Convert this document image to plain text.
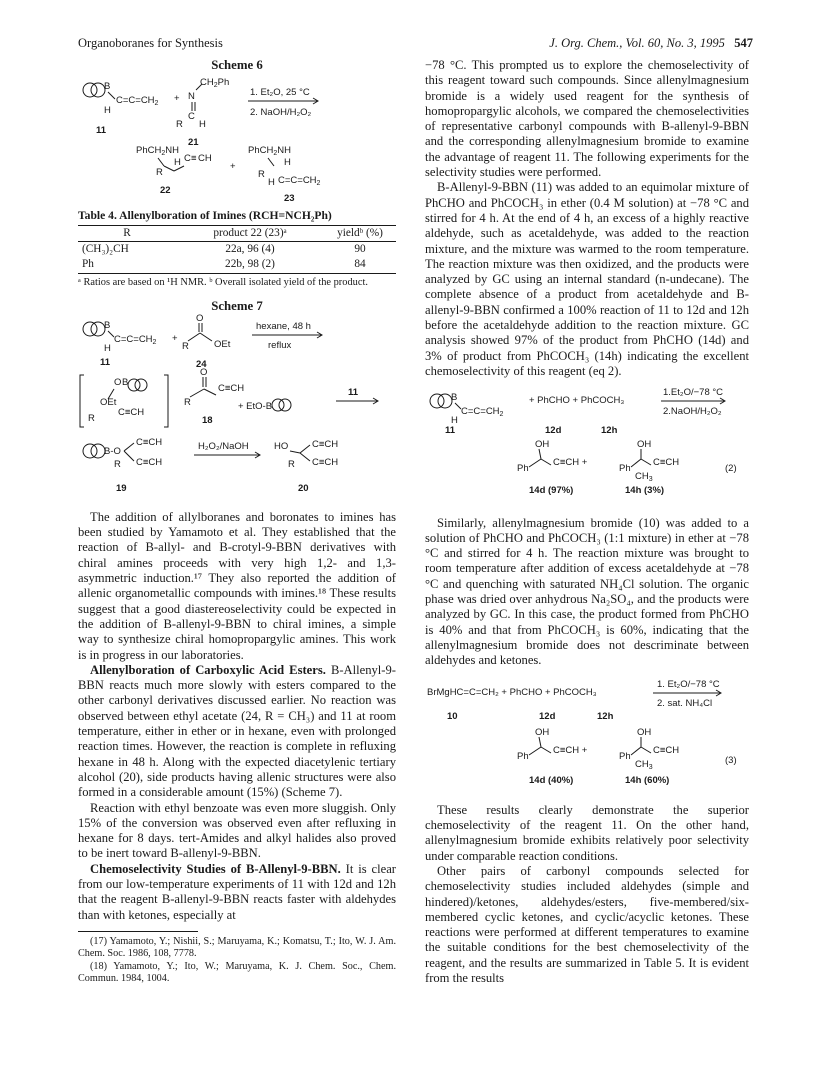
Organoboranes for Synthesis	J. Org. Chem., Vol. 60, No. 3, 1995 547
Scheme 6
B
$C=C=CH_2$
H
11
+
$CH_2Ph$
N
C
R H
21
1. Et₂O, 25 °C
2. NaOH/H₂O₂
PhCH$_2$NH
H C ≡ CH
R
22
+
PhCH$_2$NH
H
R
H $C=C=CH_2$
23
Table 4. Allenylboration of Imines (RCH=NCH₂Ph)
R	product 22 (23)ᵃ	yieldᵇ (%)

(CH₃)₂CH	22a, 96 (4)	90
Ph	22b, 98 (2)	84
ᵃ Ratios are based on ¹H NMR. ᵇ Overall isolated yield of the product.
Scheme 7
B
$C=C=CH_2$
H
11
+
O
R	OEt
24
hexane, 48 h
reflux
O B
OEt
C≡CH
R
O
R
C≡CH
+ EtO-B
18
11
B-O
C≡CH
C≡CH
R
19
H₂O₂/NaOH	HO	C≡CH
C≡CH
R
20

The addition of allylboranes and boronates to imines has been studied by Yamamoto et al. They established that the reaction of B-allyl- and B-crotyl-9-BBN derivatives with chiral amines proceeds with very high 1,2- and 1,3-asymmetric induction.¹⁷ They also reported the addition of allenic organometallic compounds with imines.¹⁸ These results suggest that a good diastereoselectivity could be expected in the addition of B-allenyl-9-BBN to chiral imines, a simple way to synthesize chiral homopropargylic amines. This work is in progress in our laboratories.

Allenylboration of Carboxylic Acid Esters. B-Allenyl-9-BBN reacts much more slowly with esters compared to the other carbonyl derivatives discussed earlier. No reaction was observed between ethyl acetate (24, R = CH₃) and 11 at room temperature, either in ether or in hexane, even with prolonged reaction times. However, the reaction is complete in refluxing hexane in 48 h. Along with the expected diacetylenic tertiary alcohol (20), side products having allenic structures were also formed in a considerable amount (15%) (Scheme 7).

Reaction with ethyl benzoate was even more sluggish. Only 15% of the conversion was observed even after refluxing in hexane for 8 days. tert-Amides and alkyl halides also proved to be inert toward B-allenyl-9-BBN.

Chemoselectivity Studies of B-Allenyl-9-BBN. It is clear from our low-temperature experiments of 11 with 12d and 12h that the reagent B-allenyl-9-BBN reacts faster with aldehydes than with ketones, especially at

(17) Yamamoto, Y.; Nishii, S.; Maruyama, K.; Komatsu, T.; Ito, W. J. Am. Chem. Soc. 1986, 108, 7778.

(18) Yamamoto, Y.; Ito, W.; Maruyama, K. J. Chem. Soc., Chem. Commun. 1984, 1004.

−78 °C. This prompted us to explore the chemoselectivity of this reagent toward such compounds. Since allenylmagnesium bromide is a widely used reagent for the synthesis of homopropargylic alcohols, we compared the chemoselectivities of representative carbonyl compounds with B-allenyl-9-BBN and the corresponding allenylmagnesium bromide to examine the advantage of reagent 11. The following experiments for the selectivity studies were performed.

B-Allenyl-9-BBN (11) was added to an equimolar mixture of PhCHO and PhCOCH₃ in ether (0.4 M solution) at −78 °C and stirred for 4 h. At the end of 4 h, an excess of a highly reactive aldehyde, such as acetaldehyde, was added to the reaction mixture, and the mixture was warmed to the room temperature. The reaction mixture was then oxidized, and the products were analyzed by GC using an internal standard (n-undecane). The complete absence of a product from acetaldehyde and B-allenyl-9-BBN confirmed a 100% reaction of 11 to 12d and 12h before the acetaldehyde addition to the reaction mixture. GC analysis showed 97% of the product from PhCHO (14d) and 3% of product from PhCOCH₃ (14h) indicating the excellent chemoselectivity of this reagent (eq 2).

B
$C=C=CH_2$
H
11
+ PhCHO + PhCOCH₃
12d	12h
1.Et₂O/−78 °C
2.NaOH/H₂O₂
OH
Ph
C≡CH +
OH
Ph
C≡CH
$CH_3$
(2)
14d (97%)	14h (3%)

Similarly, allenylmagnesium bromide (10) was added to a solution of PhCHO and PhCOCH₃ (1:1 mixture) in ether at −78 °C and stirred for 4 h. The reaction mixture was brought to room temperature after addition of excess acetaldehyde at −78 °C and quenching with saturated NH₄Cl solution. The organic phase was dried over anhydrous Na₂SO₄, and the products were analyzed by GC. In this case, the product formed from PhCHO is 40% and that from PhCOCH₃ is 60%, indicating that the allenylmagnesium bromide does not descriminate between aldehydes and ketones.

BrMgHC=C=CH₂ + PhCHO + PhCOCH₃
10	12d	12h
1. Et₂O/−78 °C
2. sat. NH₄Cl
OH
Ph
C≡CH +
OH
Ph
C≡CH
$CH_3$
(3)
14d (40%)	14h (60%)

These results clearly demonstrate the superior chemoselectivity of the reagent 11. On the other hand, allenylmagnesium bromide exhibits relatively poor selectivity under comparable reaction conditions.

Other pairs of carbonyl compounds selected for chemoselectivity studies included aldehydes (simple and hindered)/ketones, aldehydes/esters, five-membered/six-membered cyclic ketones, and cyclic/acyclic ketones. These reactions were performed at different temperatures to examine the suitable conditions for the best chemoselectivity of the reagent, and the results are summarized in Table 5. It is evident from the results
